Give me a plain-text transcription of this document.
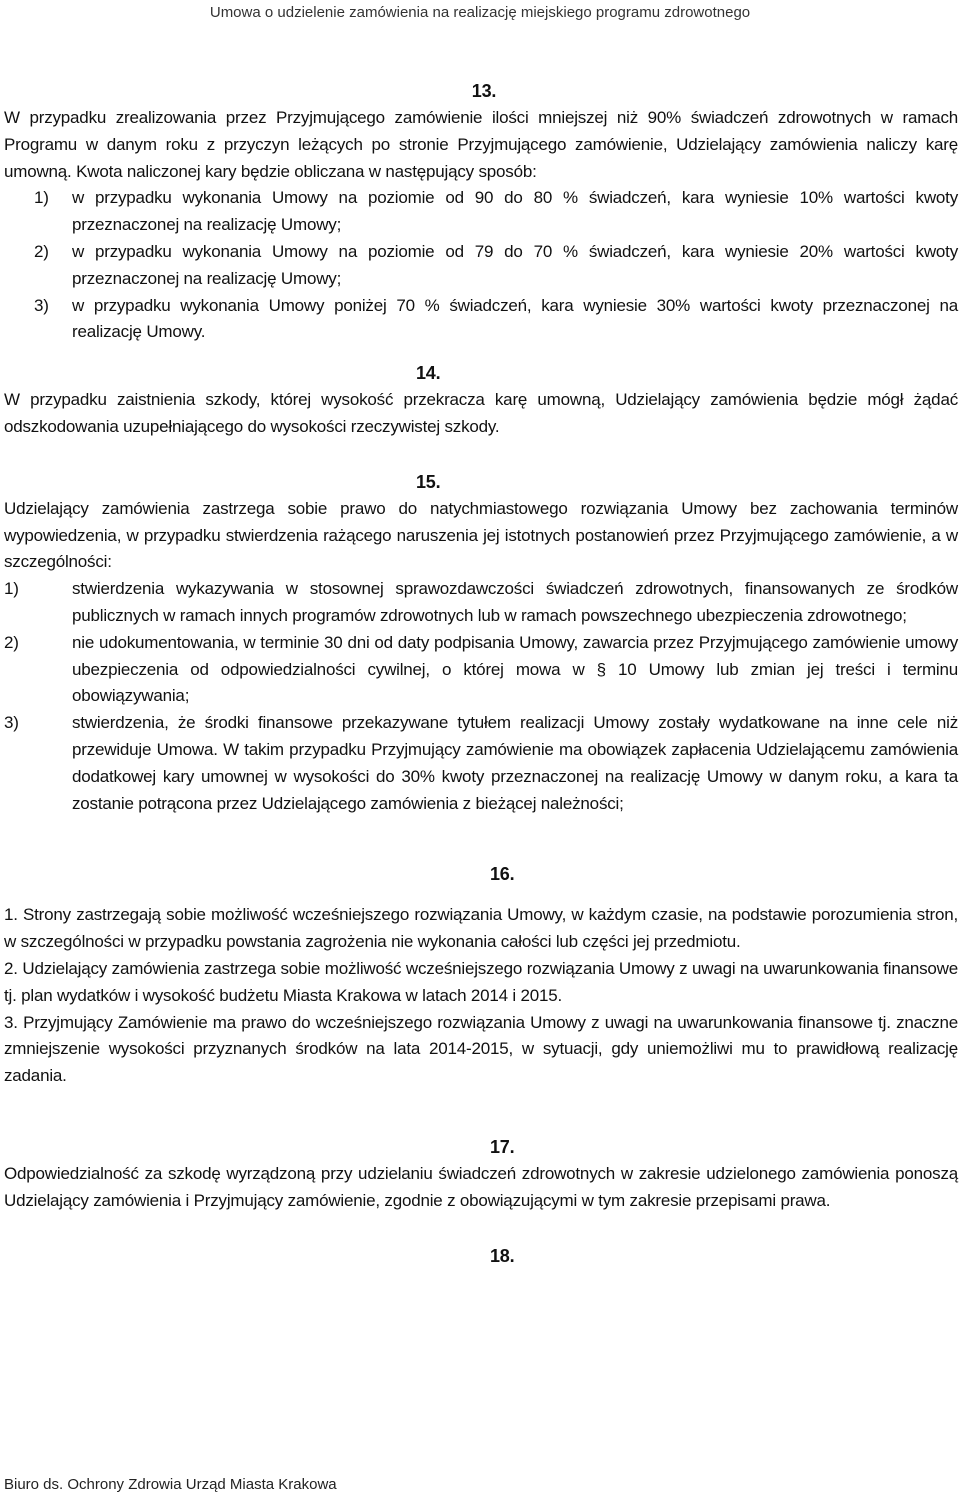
Umowa o udzielenie zamówienia na realizację miejskiego programu zdrowotnego
13.

W przypadku zrealizowania przez Przyjmującego zamówienie ilości mniejszej niż 90% świadczeń zdrowotnych w ramach Programu w danym roku z przyczyn leżących po stronie Przyjmującego zamówienie, Udzielający zamówienia naliczy karę umowną. Kwota naliczonej kary będzie obliczana w następujący sposób:

1) w przypadku wykonania Umowy na poziomie od 90 do 80 % świadczeń, kara wyniesie 10% wartości kwoty przeznaczonej na realizację Umowy;
2) w przypadku wykonania Umowy na poziomie od 79 do 70 % świadczeń, kara wyniesie 20% wartości kwoty przeznaczonej na realizację Umowy;
3) w przypadku wykonania Umowy poniżej 70 % świadczeń, kara wyniesie 30% wartości kwoty przeznaczonej na realizację Umowy.
14.

W przypadku zaistnienia szkody, której wysokość przekracza karę umowną, Udzielający zamówienia będzie mógł żądać odszkodowania uzupełniającego do wysokości rzeczywistej szkody.

15.

Udzielający zamówienia zastrzega sobie prawo do natychmiastowego rozwiązania Umowy bez zachowania terminów wypowiedzenia, w przypadku stwierdzenia rażącego naruszenia jej istotnych postanowień przez Przyjmującego zamówienie, a w szczególności:

1)	stwierdzenia wykazywania w stosownej sprawozdawczości świadczeń zdrowotnych, finansowanych ze środków publicznych w ramach innych programów zdrowotnych lub w ramach powszechnego ubezpieczenia zdrowotnego;
2)	nie udokumentowania, w terminie 30 dni od daty podpisania Umowy, zawarcia przez Przyjmującego zamówienie umowy ubezpieczenia od odpowiedzialności cywilnej, o której mowa w § 10 Umowy lub zmian jej treści i terminu obowiązywania;
3)	stwierdzenia, że środki finansowe przekazywane tytułem realizacji Umowy zostały wydatkowane na inne cele niż przewiduje Umowa. W takim przypadku Przyjmujący zamówienie ma obowiązek zapłacenia Udzielającemu zamówienia dodatkowej kary umownej w wysokości do 30% kwoty przeznaczonej na realizację Umowy w danym roku, a kara ta zostanie potrącona przez Udzielającego zamówienia z bieżącej należności;
16.

1. Strony zastrzegają sobie możliwość wcześniejszego rozwiązania Umowy, w każdym czasie, na podstawie porozumienia stron, w szczególności w przypadku powstania zagrożenia nie wykonania całości lub części jej przedmiotu.

2. Udzielający zamówienia zastrzega sobie możliwość wcześniejszego rozwiązania Umowy z uwagi na uwarunkowania finansowe tj. plan wydatków i wysokość budżetu Miasta Krakowa w latach 2014 i 2015.

3. Przyjmujący Zamówienie ma prawo do wcześniejszego rozwiązania Umowy z uwagi na uwarunkowania finansowe tj. znaczne zmniejszenie wysokości przyznanych środków na lata 2014-2015, w sytuacji, gdy uniemożliwi mu to prawidłową realizację zadania.

17.

Odpowiedzialność za szkodę wyrządzoną przy udzielaniu świadczeń zdrowotnych w zakresie udzielonego zamówienia ponoszą Udzielający zamówienia i Przyjmujący zamówienie, zgodnie z obowiązującymi w tym zakresie przepisami prawa.

18.
Biuro ds. Ochrony Zdrowia Urząd Miasta Krakowa
